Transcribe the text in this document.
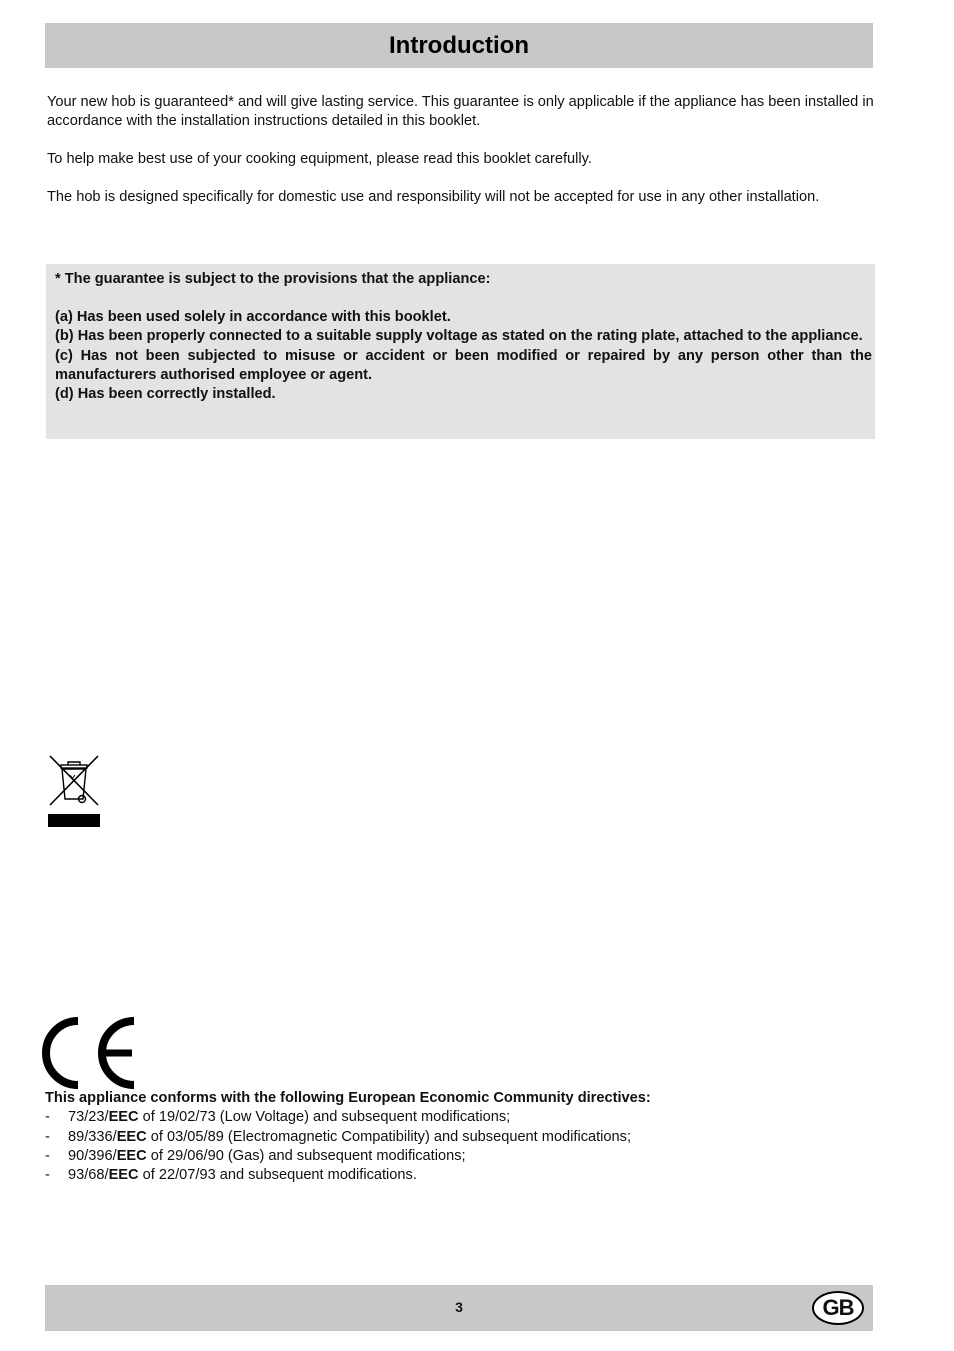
Introduction

Your new hob is guaranteed* and will give lasting service. This guarantee is only applicable if the appliance has been installed in accordance with the installation instructions detailed in this booklet.

To help make best use of your cooking equipment, please read this booklet carefully.

The hob is designed specifically for domestic use and responsibility will not be accepted for use in any other installation.

* The guarantee is subject to the provisions that the appliance:
(a) Has been used solely in accordance with this booklet.
(b) Has been properly connected to a suitable supply voltage as stated on the rating plate, attached to the appliance.
(c) Has not been subjected to misuse or accident or been modified or repaired by any person other than the manufacturers authorised employee or agent.
(d) Has been correctly installed.
This appliance conforms with the following European Economic Community directives:
- 73/23/EEC of 19/02/73 (Low Voltage) and subsequent modifications;
- 89/336/EEC of 03/05/89 (Electromagnetic Compatibility) and subsequent modifications;
- 90/396/EEC of 29/06/90 (Gas) and subsequent modifications;
- 93/68/EEC of 22/07/93 and subsequent modifications.
3	GB
